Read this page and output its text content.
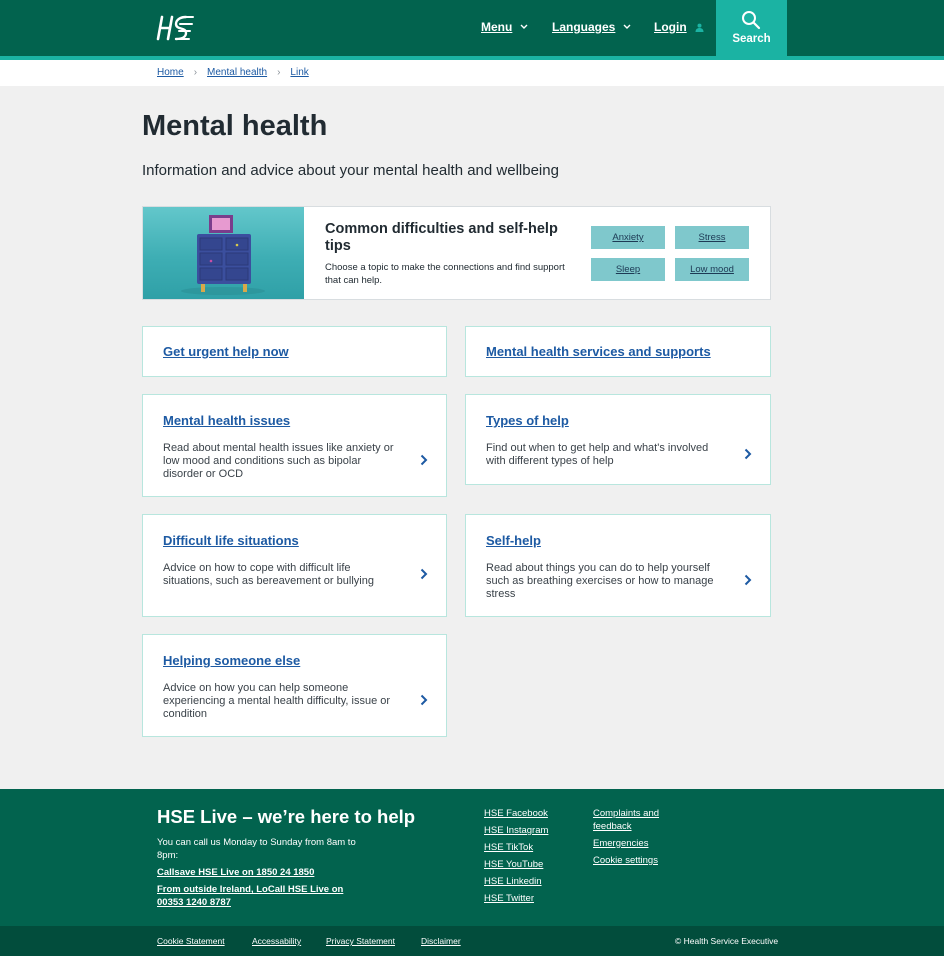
Menu	Languages	Login
Search
Home › Mental health › Link
Mental health

Information and advice about your mental health and wellbeing

Common difficulties and self-help tips
Choose a topic to make the connections and find support that can help.
Anxiety	Stress
Sleep	Low mood
Get urgent help now	Mental health services and supports
Mental health issues
Read about mental health issues like anxiety or low mood and conditions such as bipolar disorder or OCD
Types of help
Find out when to get help and what's involved with different types of help
Difficult life situations
Advice on how to cope with difficult life situations, such as bereavement or bullying
Self-help
Read about things you can do to help yourself such as breathing exercises or how to manage stress
Helping someone else
Advice on how you can help someone experiencing a mental health difficulty, issue or condition
HSE Live – we’re here to help
You can call us Monday to Sunday from 8am to 8pm:
Callsave HSE Live on 1850 24 1850
From outside Ireland, LoCall HSE Live on 00353 1240 8787
HSE Facebook
HSE Instagram
HSE TikTok
HSE YouTube
HSE Linkedin
HSE Twitter
Complaints and feedback
Emergencies
Cookie settings
Cookie Statement	Accessability	Privacy Statement	Disclaimer	© Health Service Executive
